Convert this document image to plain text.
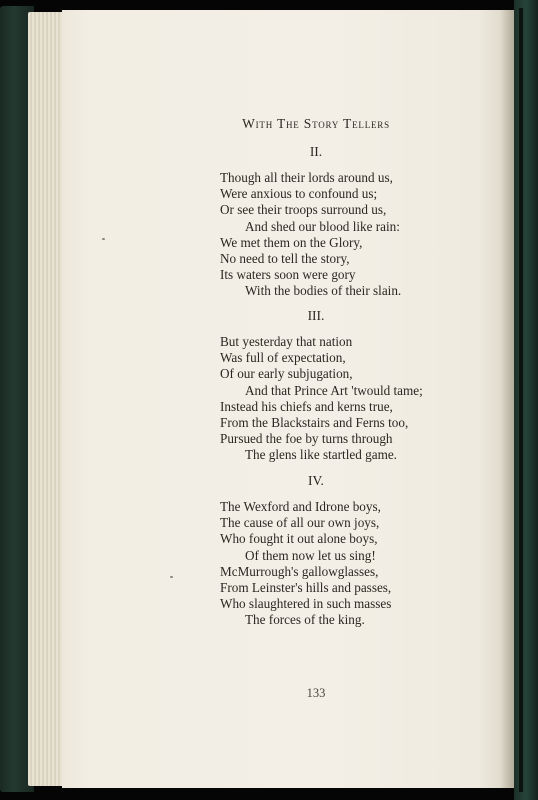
With The Story Tellers
II.
Though all their lords around us,
Were anxious to confound us;
Or see their troops surround us,
And shed our blood like rain:
We met them on the Glory,
No need to tell the story,
Its waters soon were gory
With the bodies of their slain.
III.
But yesterday that nation
Was full of expectation,
Of our early subjugation,
And that Prince Art 'twould tame;
Instead his chiefs and kerns true,
From the Blackstairs and Ferns too,
Pursued the foe by turns through
The glens like startled game.
IV.
The Wexford and Idrone boys,
The cause of all our own joys,
Who fought it out alone boys,
Of them now let us sing!
McMurrough's gallowglasses,
From Leinster's hills and passes,
Who slaughtered in such masses
The forces of the king.
133
